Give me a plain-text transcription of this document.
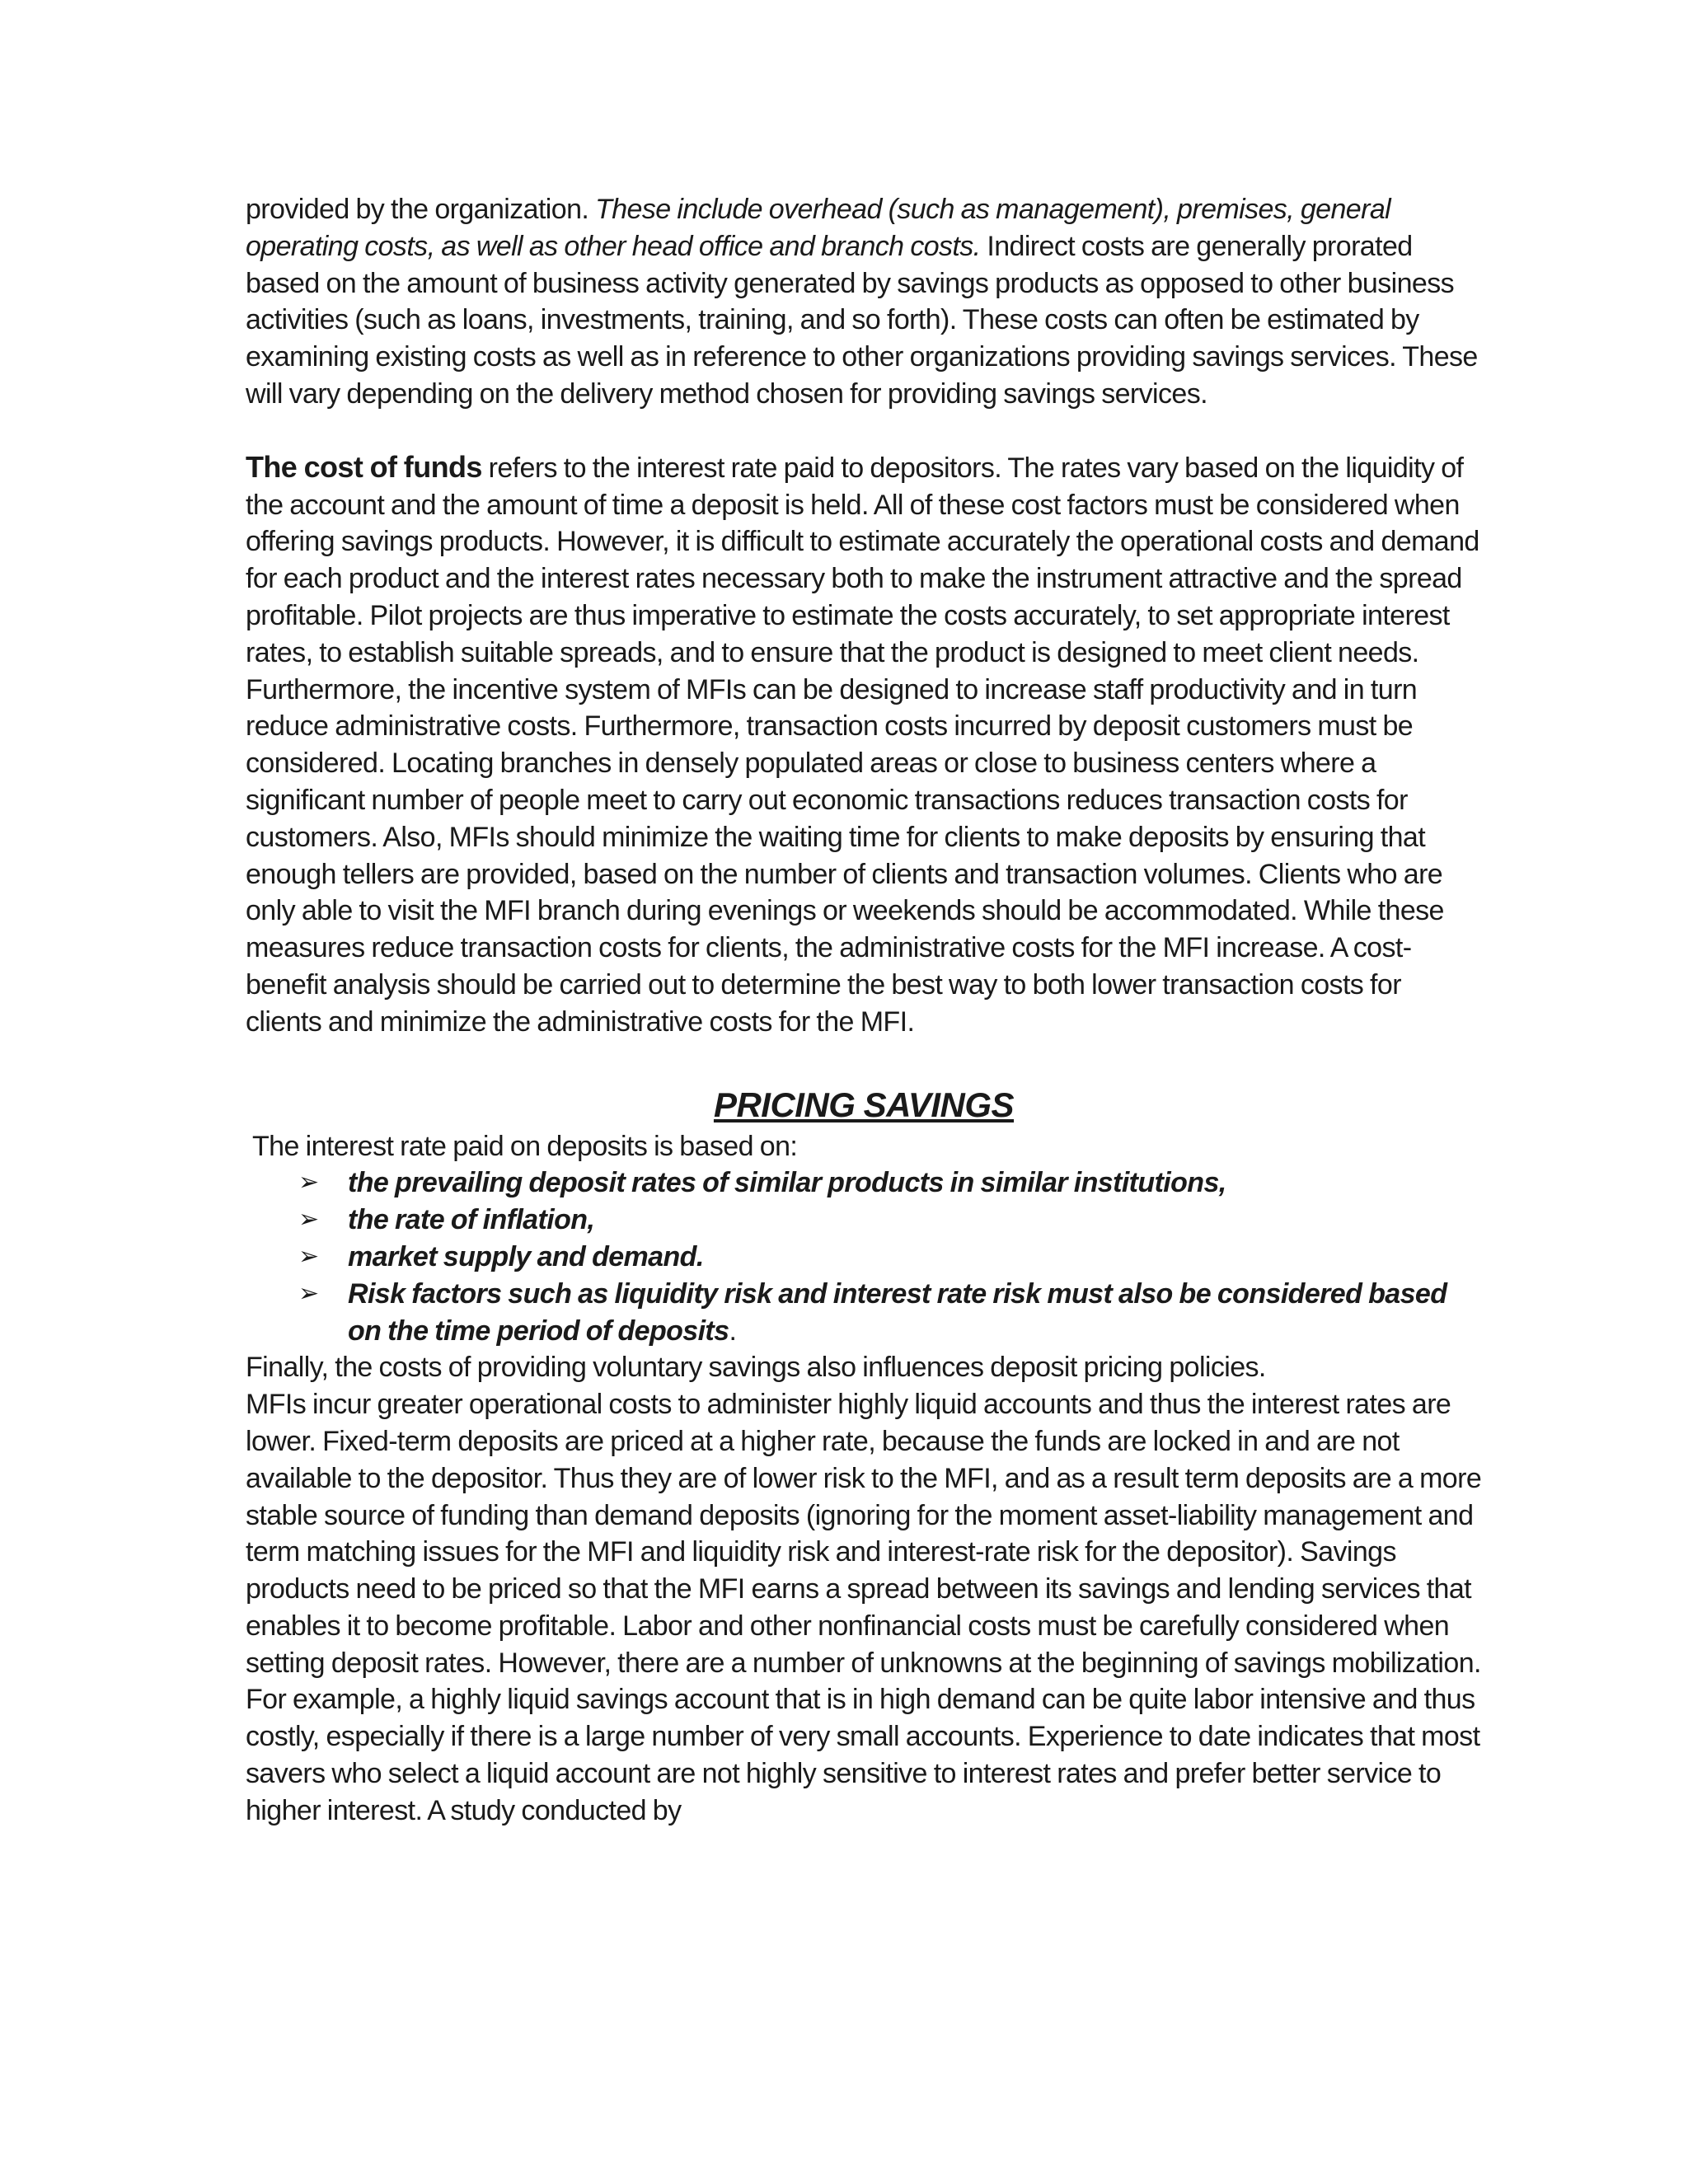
provided by the organization. These include overhead (such as management), premises, general operating costs, as well as other head office and branch costs. Indirect costs are generally prorated based on the amount of business activity generated by savings products as opposed to other business activities (such as loans, investments, training, and so forth). These costs can often be estimated by examining existing costs as well as in reference to other organizations providing savings services. These will vary depending on the delivery method chosen for providing savings services.

The cost of funds refers to the interest rate paid to depositors. The rates vary based on the liquidity of the account and the amount of time a deposit is held. All of these cost factors must be considered when offering savings products. However, it is difficult to estimate accurately the operational costs and demand for each product and the interest rates necessary both to make the instrument attractive and the spread profitable. Pilot projects are thus imperative to estimate the costs accurately, to set appropriate interest rates, to establish suitable spreads, and to ensure that the product is designed to meet client needs. Furthermore, the incentive system of MFIs can be designed to increase staff productivity and in turn reduce administrative costs. Furthermore, transaction costs incurred by deposit customers must be considered. Locating branches in densely populated areas or close to business centers where a significant number of people meet to carry out economic transactions reduces transaction costs for customers. Also, MFIs should minimize the waiting time for clients to make deposits by ensuring that enough tellers are provided, based on the number of clients and transaction volumes. Clients who are only able to visit the MFI branch during evenings or weekends should be accommodated. While these measures reduce transaction costs for clients, the administrative costs for the MFI increase. A cost-benefit analysis should be carried out to determine the best way to both lower transaction costs for clients and minimize the administrative costs for the MFI.

PRICING SAVINGS

The interest rate paid on deposits is based on:

➢ the prevailing deposit rates of similar products in similar institutions,
➢ the rate of inflation,
➢ market supply and demand.
➢ Risk factors such as liquidity risk and interest rate risk must also be considered based on the time period of deposits.

Finally, the costs of providing voluntary savings also influences deposit pricing policies.

MFIs incur greater operational costs to administer highly liquid accounts and thus the interest rates are lower. Fixed-term deposits are priced at a higher rate, because the funds are locked in and are not available to the depositor. Thus they are of lower risk to the MFI, and as a result term deposits are a more stable source of funding than demand deposits (ignoring for the moment asset-liability management and term matching issues for the MFI and liquidity risk and interest-rate risk for the depositor). Savings products need to be priced so that the MFI earns a spread between its savings and lending services that enables it to become profitable. Labor and other nonfinancial costs must be carefully considered when setting deposit rates. However, there are a number of unknowns at the beginning of savings mobilization. For example, a highly liquid savings account that is in high demand can be quite labor intensive and thus costly, especially if there is a large number of very small accounts. Experience to date indicates that most savers who select a liquid account are not highly sensitive to interest rates and prefer better service to higher interest. A study conducted by
